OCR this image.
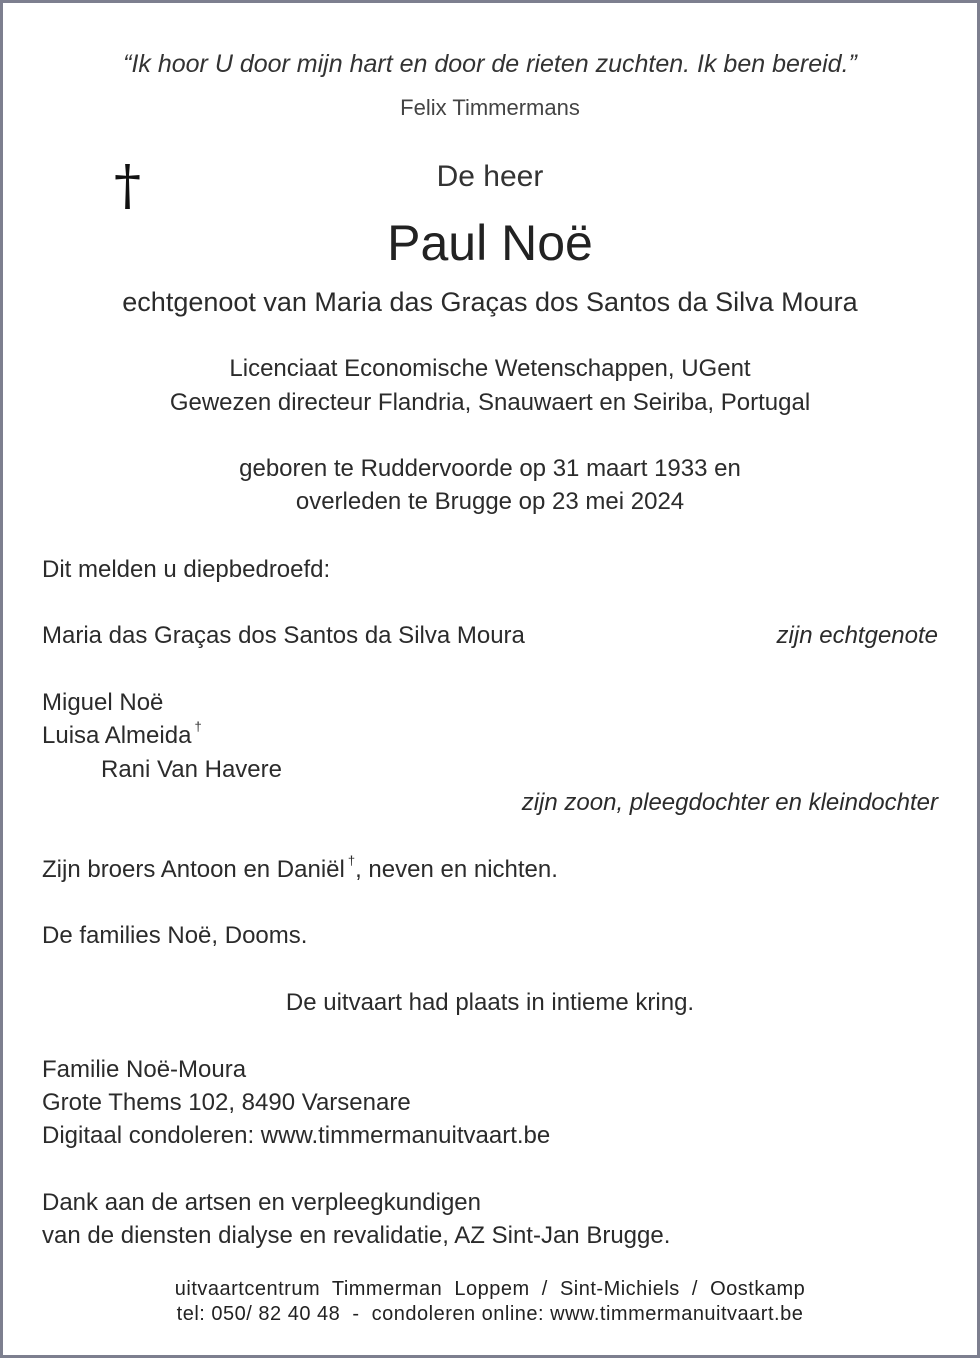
“Ik hoor U door mijn hart en door de rieten zuchten. Ik ben bereid.”
Felix Timmermans
†	De heer
Paul Noë
echtgenoot van Maria das Graças dos Santos da Silva Moura
Licenciaat Economische Wetenschappen, UGent
Gewezen directeur Flandria, Snauwaert en Seiriba, Portugal
geboren te Ruddervoorde op 31 maart 1933 en
overleden te Brugge op 23 mei 2024
Dit melden u diepbedroefd:
Maria das Graças dos Santos da Silva Moura	zijn echtgenote
Miguel Noë
Luisa Almeida †
Rani Van Havere
zijn zoon, pleegdochter en kleindochter
Zijn broers Antoon en Daniël †, neven en nichten.
De families Noë, Dooms.
De uitvaart had plaats in intieme kring.
Familie Noë-Moura
Grote Thems 102, 8490 Varsenare
Digitaal condoleren: www.timmermanuitvaart.be
Dank aan de artsen en verpleegkundigen
van de diensten dialyse en revalidatie, AZ Sint-Jan Brugge.
uitvaartcentrum  Timmerman  Loppem  /  Sint-Michiels  /  Oostkamp
tel: 050/ 82 40 48  -  condoleren online: www.timmermanuitvaart.be
